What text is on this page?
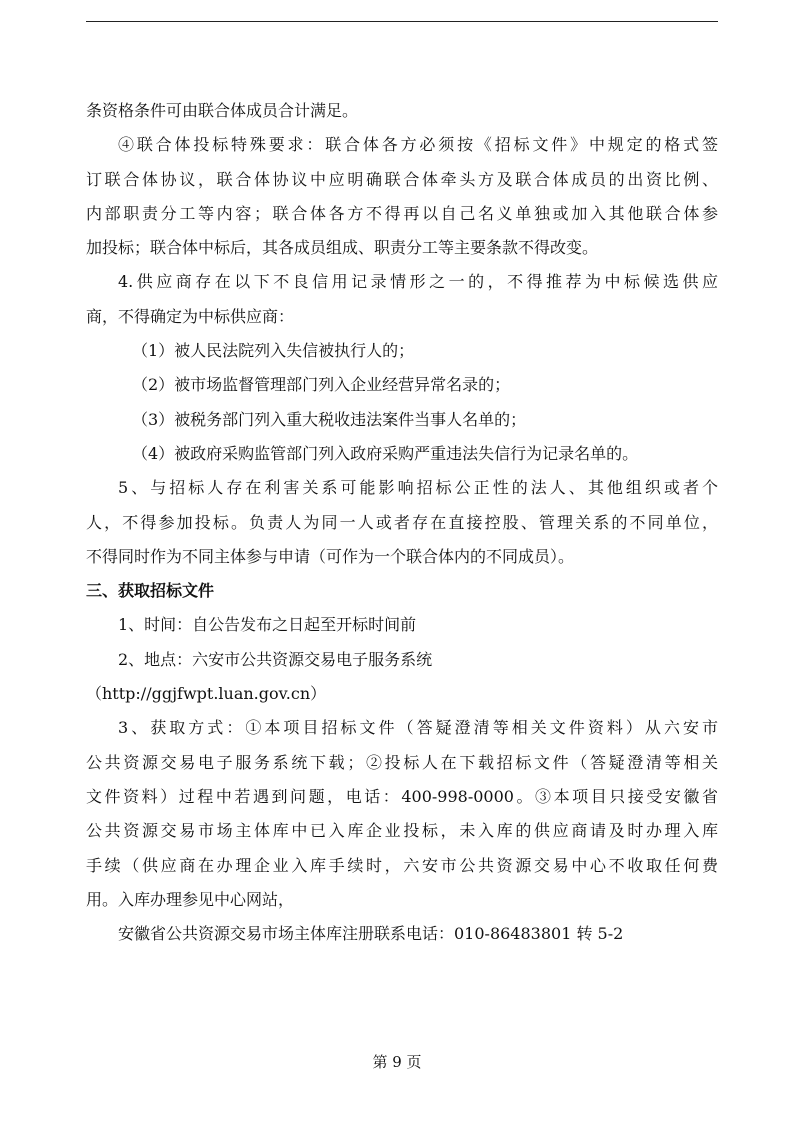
条资格条件可由联合体成员合计满足。
④联合体投标特殊要求：联合体各方必须按《招标文件》中规定的格式签
订联合体协议，联合体协议中应明确联合体牵头方及联合体成员的出资比例、
内部职责分工等内容；联合体各方不得再以自己名义单独或加入其他联合体参
加投标；联合体中标后，其各成员组成、职责分工等主要条款不得改变。
4.供应商存在以下不良信用记录情形之一的，不得推荐为中标候选供应
商，不得确定为中标供应商：
（1）被人民法院列入失信被执行人的；
（2）被市场监督管理部门列入企业经营异常名录的；
（3）被税务部门列入重大税收违法案件当事人名单的；
（4）被政府采购监管部门列入政府采购严重违法失信行为记录名单的。
5、与招标人存在利害关系可能影响招标公正性的法人、其他组织或者个
人，不得参加投标。负责人为同一人或者存在直接控股、管理关系的不同单位，
不得同时作为不同主体参与申请（可作为一个联合体内的不同成员）。
三、获取招标文件
1、时间：自公告发布之日起至开标时间前
2、地点：六安市公共资源交易电子服务系统
（http://ggjfwpt.luan.gov.cn）
3、获取方式：①本项目招标文件（答疑澄清等相关文件资料）从六安市
公共资源交易电子服务系统下载；②投标人在下载招标文件（答疑澄清等相关
文件资料）过程中若遇到问题，电话：400-998-0000。③本项目只接受安徽省
公共资源交易市场主体库中已入库企业投标，未入库的供应商请及时办理入库
手续（供应商在办理企业入库手续时，六安市公共资源交易中心不收取任何费
用。入库办理参见中心网站，
安徽省公共资源交易市场主体库注册联系电话：010-86483801 转 5-2
第 9 页
